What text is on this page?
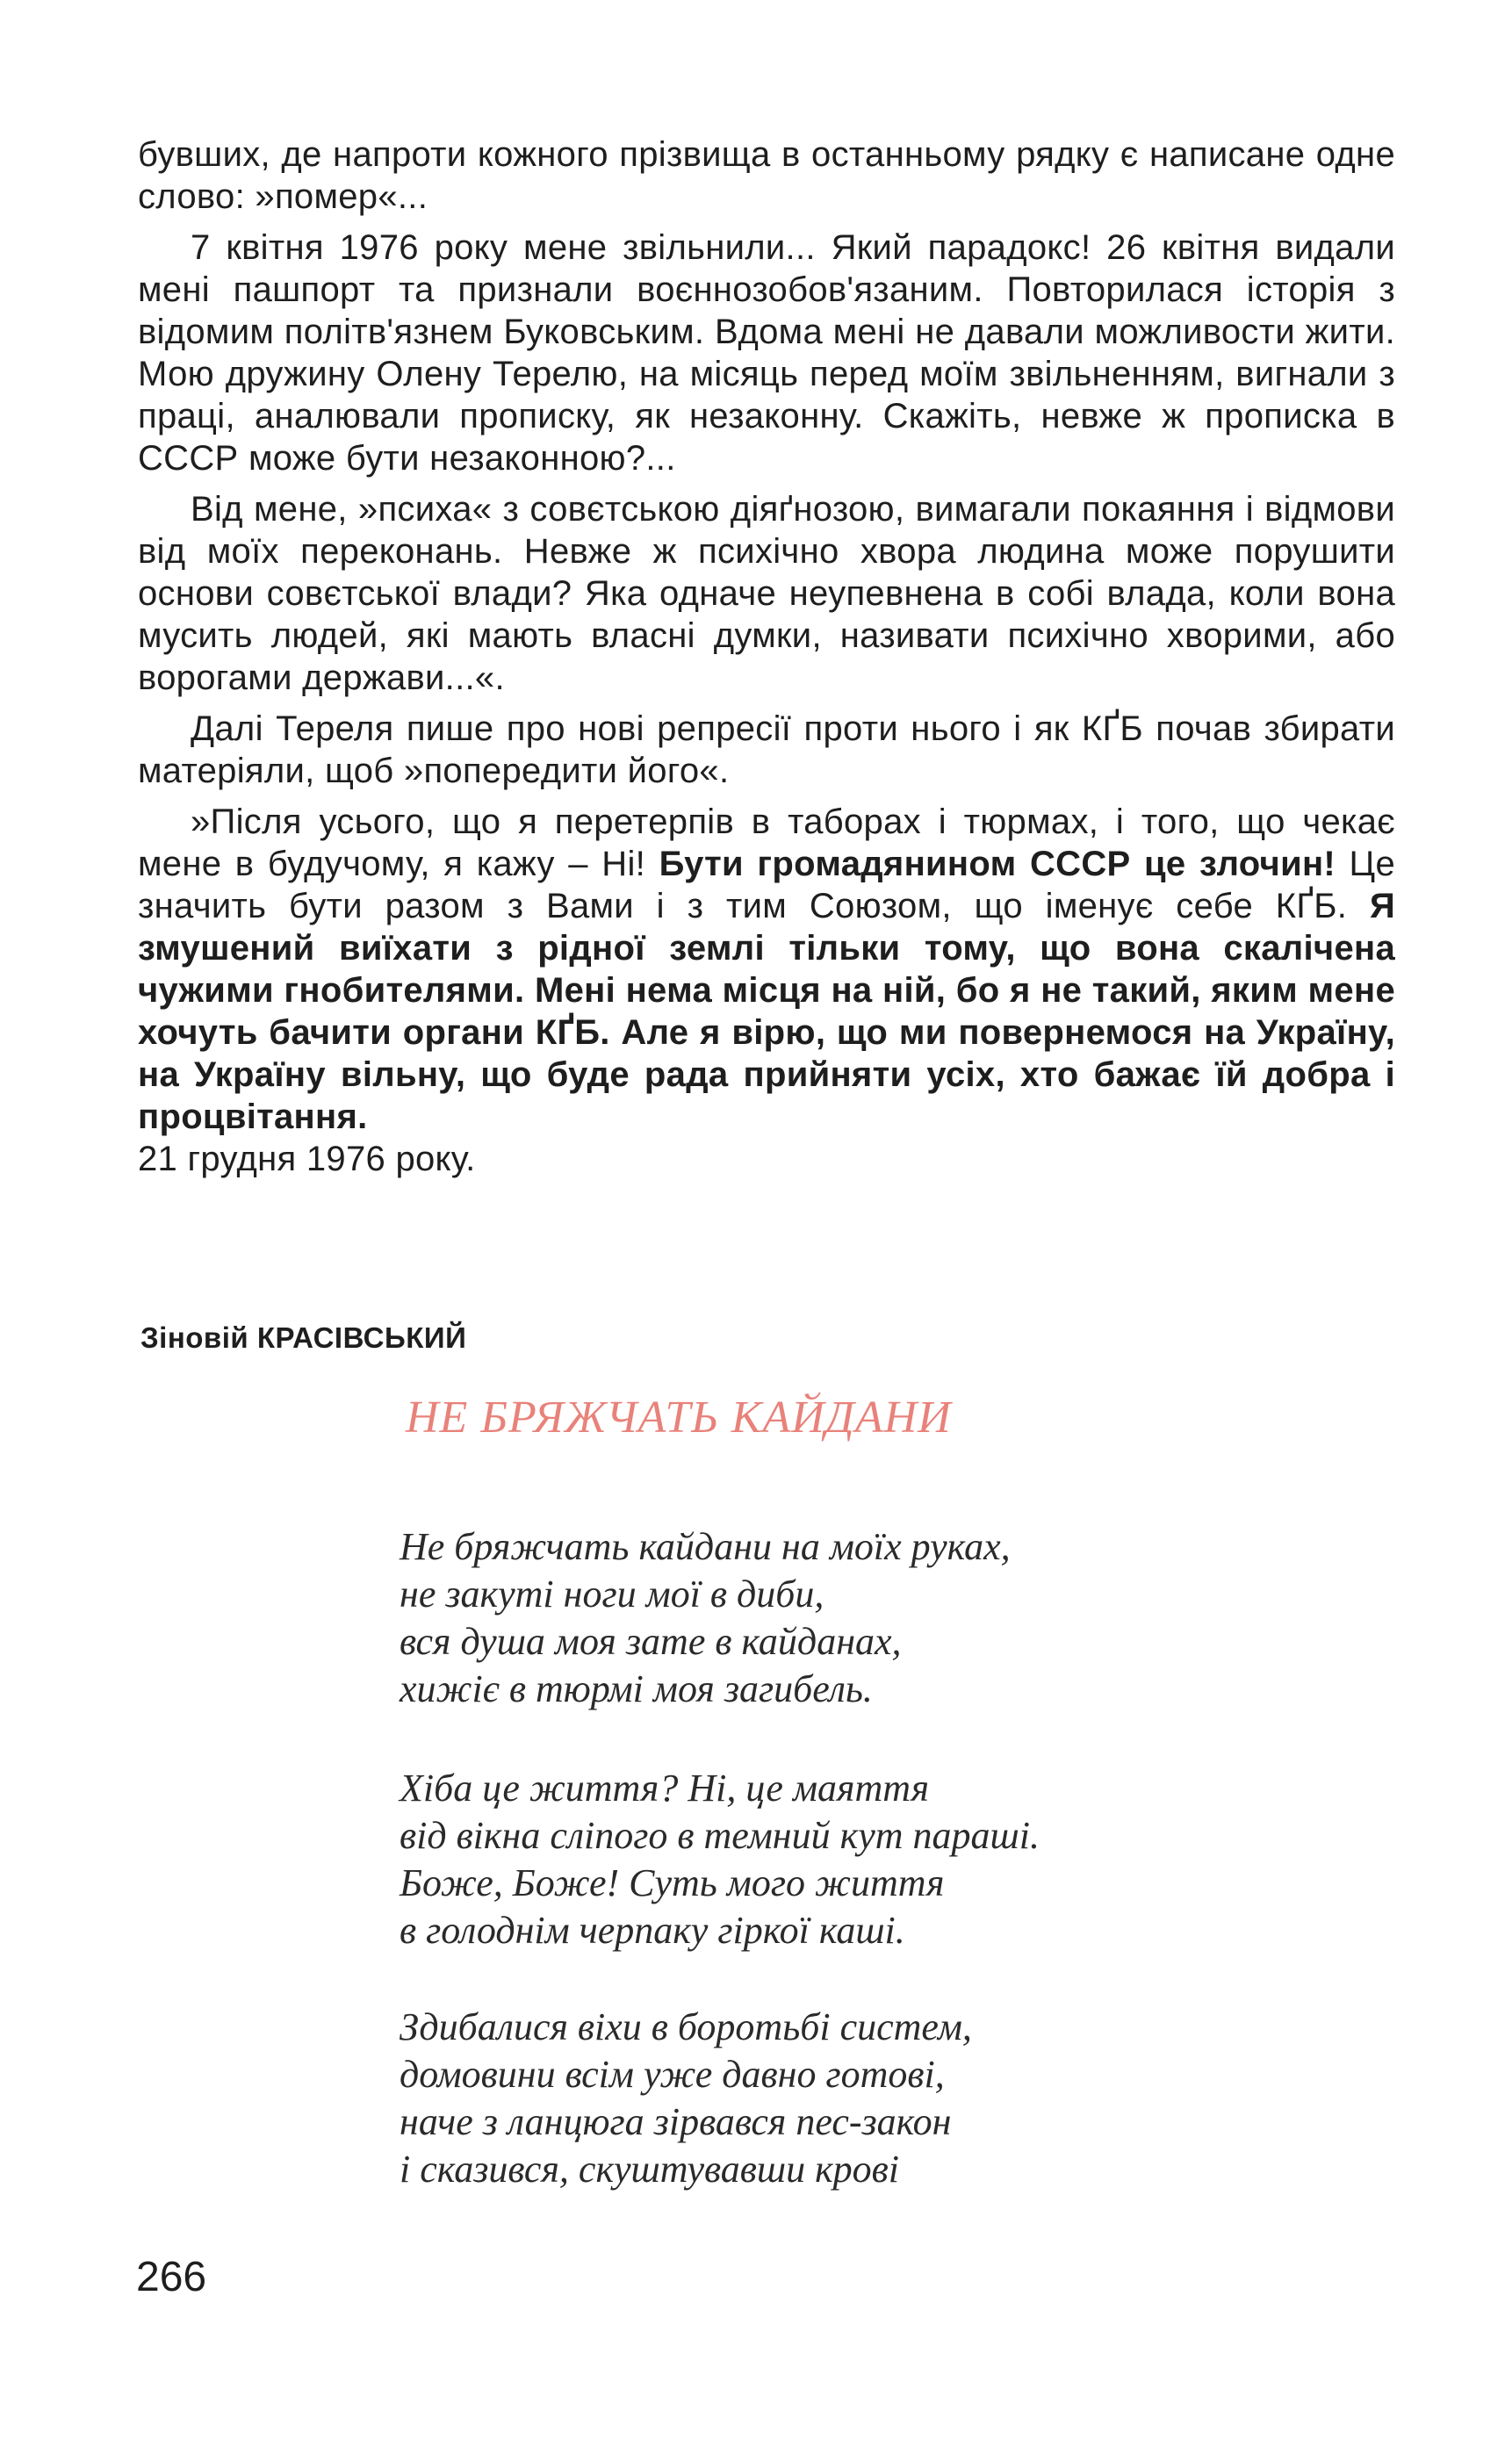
бувших, де напроти кожного прізвища в останньому рядку є написане одне слово: »помер«...

7 квітня 1976 року мене звільнили... Який парадокс! 26 квітня видали мені пашпорт та признали воєннозобов'язаним. Повторилася історія з відомим політв'язнем Буковським. Вдома мені не давали можливости жити. Мою дружину Олену Терелю, на місяць перед моїм звільненням, вигнали з праці, аналювали прописку, як незаконну. Скажіть, невже ж прописка в СССР може бути незаконною?...

Від мене, »психа« з совєтською діяґнозою, вимагали покаяння і відмови від моїх переконань. Невже ж психічно хвора людина може порушити основи совєтської влади? Яка одначе неупевнена в собі влада, коли вона мусить людей, які мають власні думки, називати психічно хворими, або ворогами держави...«.

Далі Тереля пише про нові репресії проти нього і як КҐБ почав збирати матеріяли, щоб »попередити його«.

»Після усього, що я перетерпів в таборах і тюрмах, і того, що чекає мене в будучому, я кажу – Ні! Бути громадянином СССР це злочин! Це значить бути разом з Вами і з тим Союзом, що іменує себе КҐБ. Я змушений виїхати з рідної землі тільки тому, що вона скалічена чужими гнобителями. Мені нема місця на ній, бо я не такий, яким мене хочуть бачити органи КҐБ. Але я вірю, що ми повернемося на Україну, на Україну вільну, що буде рада прийняти усіх, хто бажає їй добра і процвітання.

21 грудня 1976 року.

Зіновій КРАСІВСЬКИЙ
НЕ БРЯЖЧАТЬ КАЙДАНИ
Не бряжчать кайдани на моїх руках,
не закуті ноги мої в диби,
вся душа моя зате в кайданах,
хижіє в тюрмі моя загибель.
Хіба це життя? Ні, це маяття
від вікна сліпого в темний кут параші.
Боже, Боже! Суть мого життя
в голоднім черпаку гіркої каші.
Здибалися віхи в боротьбі систем,
домовини всім уже давно готові,
наче з ланцюга зірвався пес-закон
і сказився, скуштувавши крові
266
